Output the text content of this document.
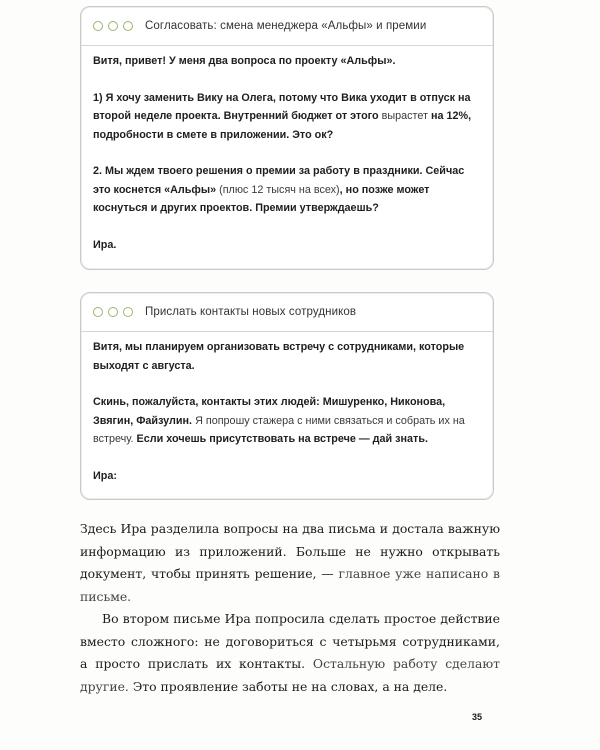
Согласовать: смена менеджера «Альфы» и премии

Витя, привет! У меня два вопроса по проекту «Альфы».

1) Я хочу заменить Вику на Олега, потому что Вика уходит в отпуск на второй неделе проекта. Внутренний бюджет от этого вырастет на 12%, подробности в смете в приложении. Это ок?

2. Мы ждем твоего решения о премии за работу в праздники. Сейчас это коснется «Альфы» (плюс 12 тысяч на всех), но позже может коснуться и других проектов. Премии утверждаешь?

Ира.

Прислать контакты новых сотрудников

Витя, мы планируем организовать встречу с сотрудниками, которые выходят с августа.

Скинь, пожалуйста, контакты этих людей: Мишуренко, Никонова, Звягин, Файзулин. Я попрошу стажера с ними связаться и собрать их на встречу. Если хочешь присутствовать на встрече — дай знать.

Ира:

Здесь Ира разделила вопросы на два письма и достала важную информацию из приложений. Больше не нужно открывать документ, чтобы принять решение, — главное уже написано в письме.

Во втором письме Ира попросила сделать простое действие вместо сложного: не договориться с четырьмя сотрудниками, а просто прислать их контакты. Остальную работу сделают другие. Это проявление заботы не на словах, а на деле.

35
